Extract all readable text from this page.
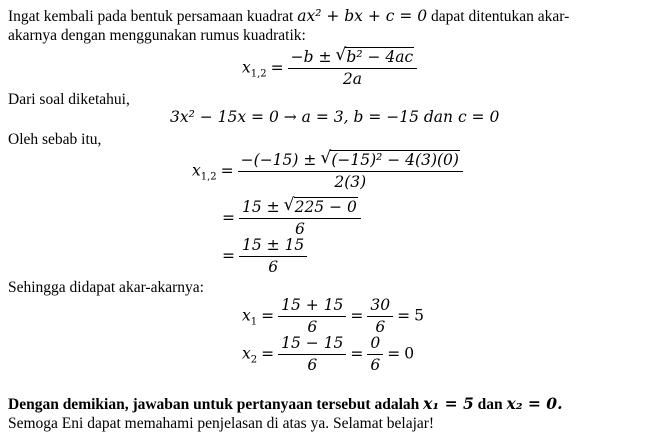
Ingat kembali pada bentuk persamaan kuadrat ax² + bx + c = 0 dapat ditentukan akar-
akarnya dengan menggunakan rumus kuadratik:
$x_{1,2} = \frac{\text{−b ± √ b² − 4ac}}{2a}$
Dari soal diketahui,
3x² − 15x = 0 → a = 3, b = −15 dan c = 0
Oleh sebab itu,
$x_{1,2} = \frac{\text{−(−15) ± √ (−15)² − 4(3)(0)}}{2(3)}$
= $\frac{15 \pm √ 225 - 0}{6}$
= $\frac{15 \pm 15}{6}$
Sehingga didapat akar-akarnya:
$x_1 = \frac{15 + 15}{6} = \frac{30}{6} = 5$
$x_2 = \frac{15 - 15}{6} = \frac{0}{6} = 0$
Dengan demikian, jawaban untuk pertanyaan tersebut adalah x₁ = 5 dan x₂ = 0.
Semoga Eni dapat memahami penjelasan di atas ya. Selamat belajar!
